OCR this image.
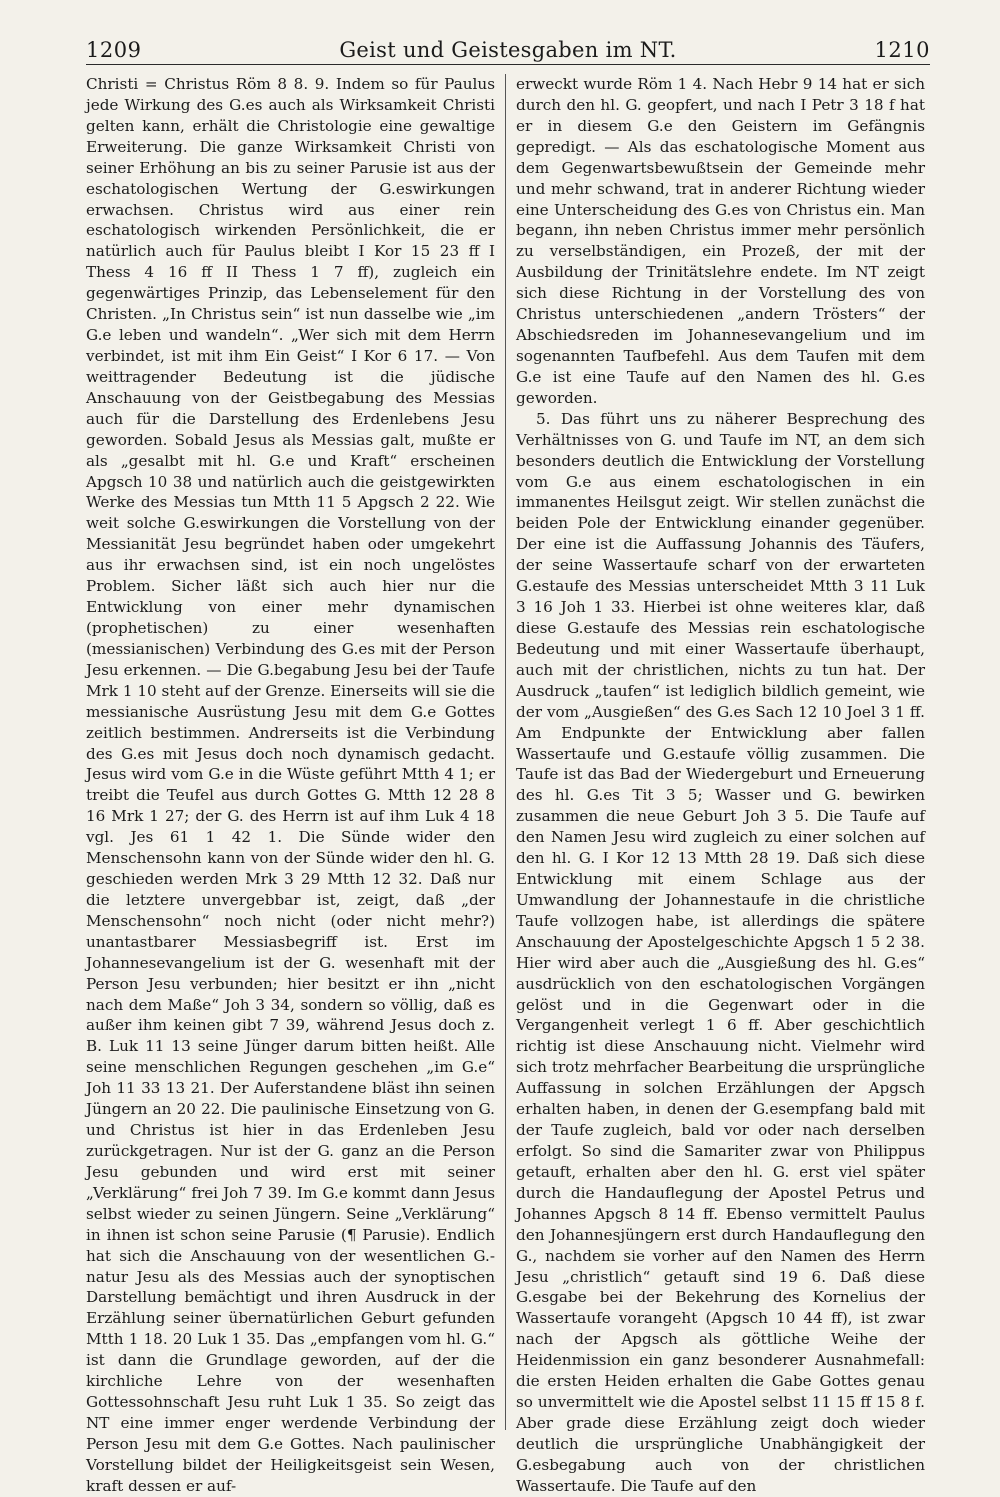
1209	Geist und Geistesgaben im NT.	1210

Christi = Christus Röm 8 8. 9. Indem so für Paulus jede Wirkung des G.es auch als Wirksamkeit Christi gelten kann, erhält die Christologie eine gewaltige Erweiterung. Die ganze Wirksamkeit Christi von seiner Erhöhung an bis zu seiner Parusie ist aus der eschatologischen Wertung der G.eswirkungen erwachsen. Christus wird aus einer rein eschatologisch wirkenden Persönlichkeit, die er natürlich auch für Paulus bleibt I Kor 15 23 ff I Thess 4 16 ff II Thess 1 7 ff), zugleich ein gegenwärtiges Prinzip, das Lebenselement für den Christen. „In Christus sein“ ist nun dasselbe wie „im G.e leben und wandeln“. „Wer sich mit dem Herrn verbindet, ist mit ihm Ein Geist“ I Kor 6 17. — Von weittragender Bedeutung ist die jüdische Anschauung von der Geistbegabung des Messias auch für die Darstellung des Erdenlebens Jesu geworden. Sobald Jesus als Messias galt, mußte er als „gesalbt mit hl. G.e und Kraft“ erscheinen Apgsch 10 38 und natürlich auch die geistgewirkten Werke des Messias tun Mtth 11 5 Apgsch 2 22. Wie weit solche G.eswirkungen die Vorstellung von der Messianität Jesu begründet haben oder umgekehrt aus ihr erwachsen sind, ist ein noch ungelöstes Problem. Sicher läßt sich auch hier nur die Entwicklung von einer mehr dynamischen (prophetischen) zu einer wesenhaften (messianischen) Verbindung des G.es mit der Person Jesu erkennen. — Die G.begabung Jesu bei der Taufe Mrk 1 10 steht auf der Grenze. Einerseits will sie die messianische Ausrüstung Jesu mit dem G.e Gottes zeitlich bestimmen. Andrerseits ist die Verbindung des G.es mit Jesus doch noch dynamisch gedacht. Jesus wird vom G.e in die Wüste geführt Mtth 4 1; er treibt die Teufel aus durch Gottes G. Mtth 12 28 8 16 Mrk 1 27; der G. des Herrn ist auf ihm Luk 4 18 vgl. Jes 61 1 42 1. Die Sünde wider den Menschensohn kann von der Sünde wider den hl. G. geschieden werden Mrk 3 29 Mtth 12 32. Daß nur die letztere unvergebbar ist, zeigt, daß „der Menschensohn“ noch nicht (oder nicht mehr?) unantastbarer Messiasbegriff ist. Erst im Johannesevangelium ist der G. wesenhaft mit der Person Jesu verbunden; hier besitzt er ihn „nicht nach dem Maße“ Joh 3 34, sondern so völlig, daß es außer ihm keinen gibt 7 39, während Jesus doch z. B. Luk 11 13 seine Jünger darum bitten heißt. Alle seine menschlichen Regungen geschehen „im G.e“ Joh 11 33 13 21. Der Auferstandene bläst ihn seinen Jüngern an 20 22. Die paulinische Einsetzung von G. und Christus ist hier in das Erdenleben Jesu zurückgetragen. Nur ist der G. ganz an die Person Jesu gebunden und wird erst mit seiner „Verklärung“ frei Joh 7 39. Im G.e kommt dann Jesus selbst wieder zu seinen Jüngern. Seine „Verklärung“ in ihnen ist schon seine Parusie (¶ Parusie). Endlich hat sich die Anschauung von der wesentlichen G.-natur Jesu als des Messias auch der synoptischen Darstellung bemächtigt und ihren Ausdruck in der Erzählung seiner übernatürlichen Geburt gefunden Mtth 1 18. 20 Luk 1 35. Das „empfangen vom hl. G.“ ist dann die Grundlage geworden, auf der die kirchliche Lehre von der wesenhaften Gottessohnschaft Jesu ruht Luk 1 35. So zeigt das NT eine immer enger werdende Verbindung der Person Jesu mit dem G.e Gottes. Nach paulinischer Vorstellung bildet der Heiligkeitsgeist sein Wesen, kraft dessen er auf-

erweckt wurde Röm 1 4. Nach Hebr 9 14 hat er sich durch den hl. G. geopfert, und nach I Petr 3 18 f hat er in diesem G.e den Geistern im Gefängnis gepredigt. — Als das eschatologische Moment aus dem Gegenwartsbewußtsein der Gemeinde mehr und mehr schwand, trat in anderer Richtung wieder eine Unterscheidung des G.es von Christus ein. Man begann, ihn neben Christus immer mehr persönlich zu verselbständigen, ein Prozeß, der mit der Ausbildung der Trinitätslehre endete. Im NT zeigt sich diese Richtung in der Vorstellung des von Christus unterschiedenen „andern Trösters“ der Abschiedsreden im Johannesevangelium und im sogenannten Taufbefehl. Aus dem Taufen mit dem G.e ist eine Taufe auf den Namen des hl. G.es geworden.

5. Das führt uns zu näherer Besprechung des Verhältnisses von G. und Taufe im NT, an dem sich besonders deutlich die Entwicklung der Vorstellung vom G.e aus einem eschatologischen in ein immanentes Heilsgut zeigt. Wir stellen zunächst die beiden Pole der Entwicklung einander gegenüber. Der eine ist die Auffassung Johannis des Täufers, der seine Wassertaufe scharf von der erwarteten G.estaufe des Messias unterscheidet Mtth 3 11 Luk 3 16 Joh 1 33. Hierbei ist ohne weiteres klar, daß diese G.estaufe des Messias rein eschatologische Bedeutung und mit einer Wassertaufe überhaupt, auch mit der christlichen, nichts zu tun hat. Der Ausdruck „taufen“ ist lediglich bildlich gemeint, wie der vom „Ausgießen“ des G.es Sach 12 10 Joel 3 1 ff. Am Endpunkte der Entwicklung aber fallen Wassertaufe und G.estaufe völlig zusammen. Die Taufe ist das Bad der Wiedergeburt und Erneuerung des hl. G.es Tit 3 5; Wasser und G. bewirken zusammen die neue Geburt Joh 3 5. Die Taufe auf den Namen Jesu wird zugleich zu einer solchen auf den hl. G. I Kor 12 13 Mtth 28 19. Daß sich diese Entwicklung mit einem Schlage aus der Umwandlung der Johannestaufe in die christliche Taufe vollzogen habe, ist allerdings die spätere Anschauung der Apostelgeschichte Apgsch 1 5 2 38. Hier wird aber auch die „Ausgießung des hl. G.es“ ausdrücklich von den eschatologischen Vorgängen gelöst und in die Gegenwart oder in die Vergangenheit verlegt 1 6 ff. Aber geschichtlich richtig ist diese Anschauung nicht. Vielmehr wird sich trotz mehrfacher Bearbeitung die ursprüngliche Auffassung in solchen Erzählungen der Apgsch erhalten haben, in denen der G.esempfang bald mit der Taufe zugleich, bald vor oder nach derselben erfolgt. So sind die Samariter zwar von Philippus getauft, erhalten aber den hl. G. erst viel später durch die Handauflegung der Apostel Petrus und Johannes Apgsch 8 14 ff. Ebenso vermittelt Paulus den Johannesjüngern erst durch Handauflegung den G., nachdem sie vorher auf den Namen des Herrn Jesu „christlich“ getauft sind 19 6. Daß diese G.esgabe bei der Bekehrung des Kornelius der Wassertaufe vorangeht (Apgsch 10 44 ff), ist zwar nach der Apgsch als göttliche Weihe der Heidenmission ein ganz besonderer Ausnahmefall: die ersten Heiden erhalten die Gabe Gottes genau so unvermittelt wie die Apostel selbst 11 15 ff 15 8 f. Aber grade diese Erzählung zeigt doch wieder deutlich die ursprüngliche Unabhängigkeit der G.esbegabung auch von der christlichen Wassertaufe. Die Taufe auf den
